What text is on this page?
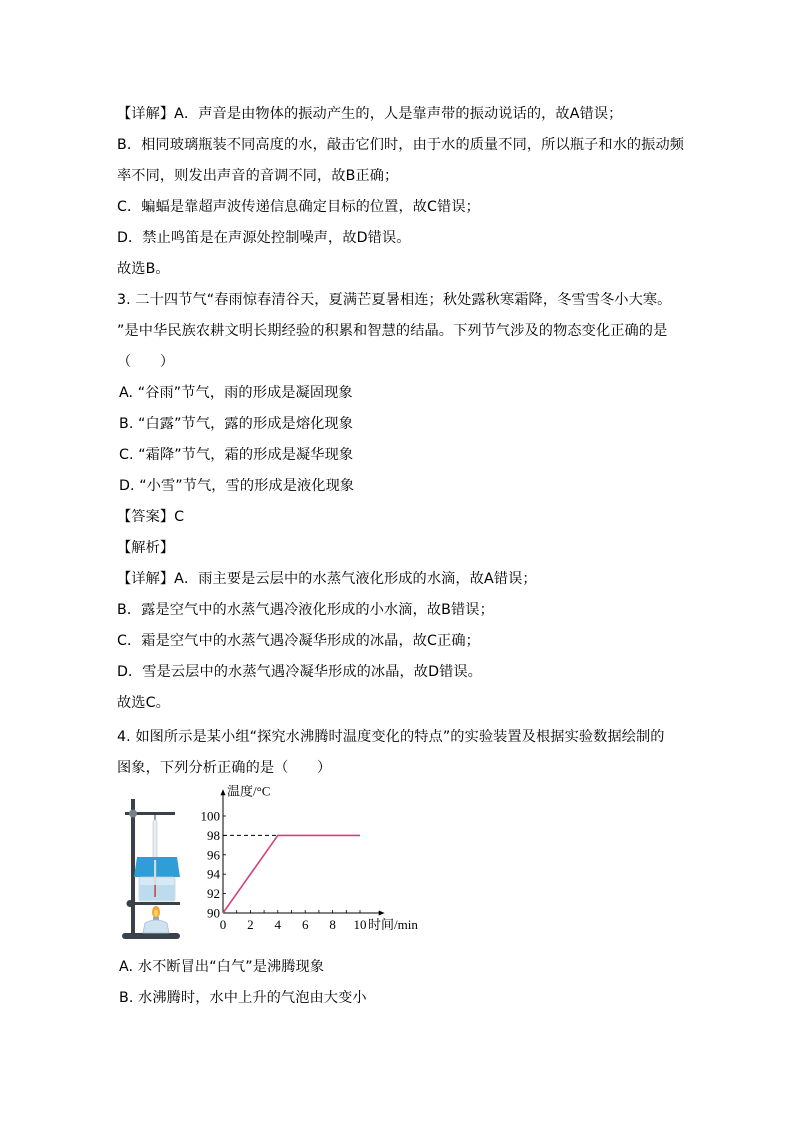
【详解】A．声音是由物体的振动产生的，人是靠声带的振动说话的，故A错误；
B．相同玻璃瓶装不同高度的水，敲击它们时，由于水的质量不同，所以瓶子和水的振动频
率不同，则发出声音的音调不同，故B正确；
C．蝙蝠是靠超声波传递信息确定目标的位置，故C错误；
D．禁止鸣笛是在声源处控制噪声，故D错误。
故选B。
3. 二十四节气“春雨惊春清谷天，夏满芒夏暑相连；秋处露秋寒霜降，冬雪雪冬小大寒。
”是中华民族农耕文明长期经验的积累和智慧的结晶。下列节气涉及的物态变化正确的是
（　　）
A. “谷雨”节气，雨的形成是凝固现象
B. “白露”节气，露的形成是熔化现象
C. “霜降”节气，霜的形成是凝华现象
D. “小雪”节气，雪的形成是液化现象
【答案】C
【解析】
【详解】A．雨主要是云层中的水蒸气液化形成的水滴，故A错误；
B．露是空气中的水蒸气遇冷液化形成的小水滴，故B错误；
C．霜是空气中的水蒸气遇冷凝华形成的冰晶，故C正确；
D．雪是云层中的水蒸气遇冷凝华形成的冰晶，故D错误。
故选C。
4. 如图所示是某小组“探究水沸腾时温度变化的特点”的实验装置及根据实验数据绘制的
图象，下列分析正确的是（　　）
0 2 4 6 8 10
90
92
94
96
98
100
温度/°C
时间/min
A. 水不断冒出“白气”是沸腾现象
B. 水沸腾时，水中上升的气泡由大变小
